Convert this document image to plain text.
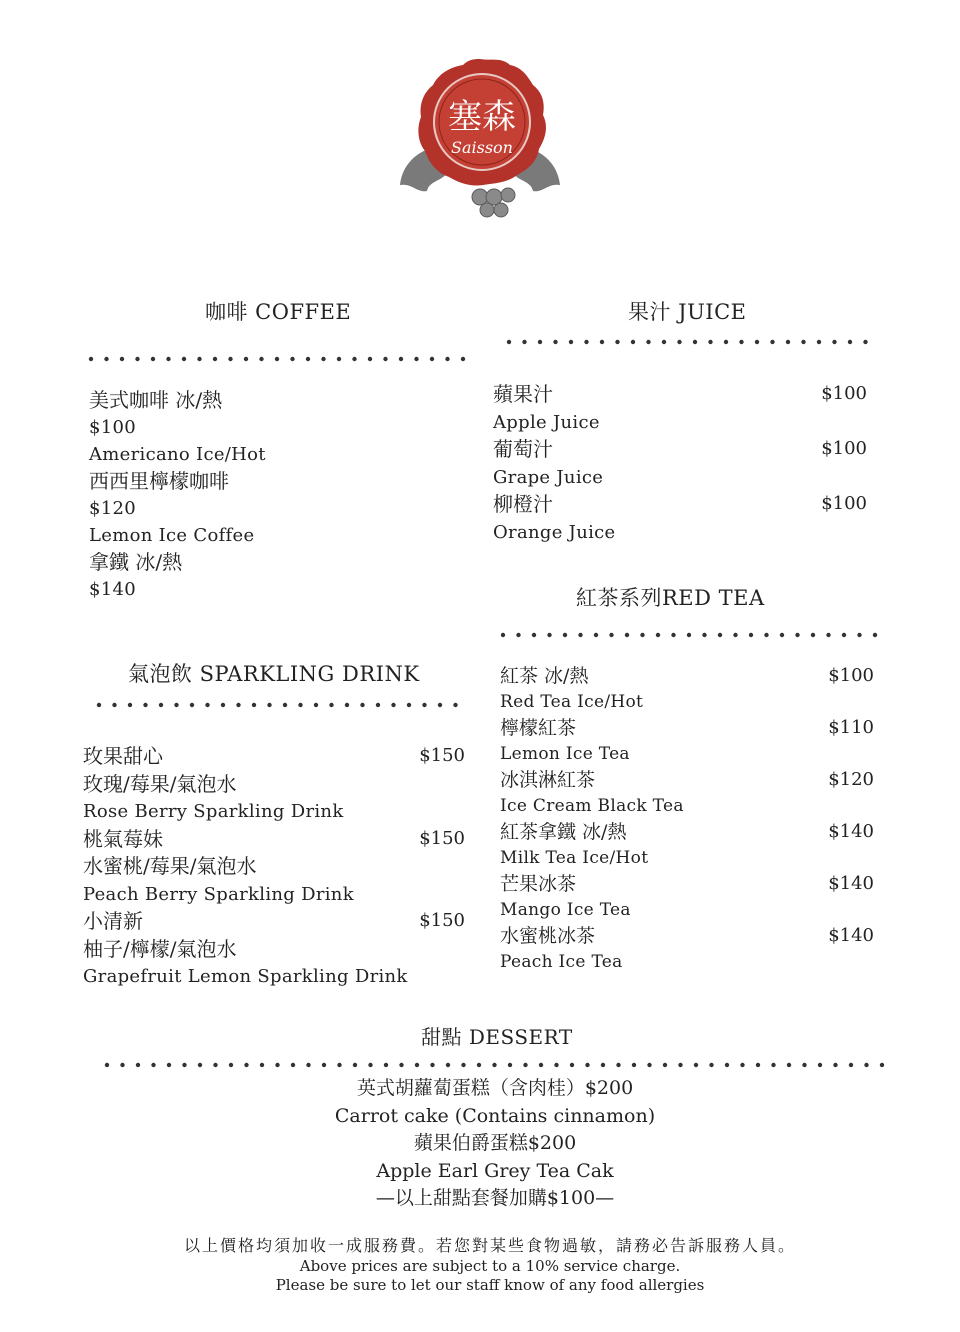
塞森
Saisson
咖啡 COFFEE
美式咖啡 冰/熱
$100
Americano Ice/Hot
西西里檸檬咖啡
$120
Lemon Ice Coffee
拿鐵 冰/熱
$140
果汁 JUICE
蘋果汁	$100
Apple Juice
葡萄汁	$100
Grape Juice
柳橙汁	$100
Orange Juice
紅茶系列RED TEA
紅茶 冰/熱	$100
Red Tea Ice/Hot
檸檬紅茶	$110
Lemon Ice Tea
冰淇淋紅茶	$120
Ice Cream Black Tea
紅茶拿鐵 冰/熱	$140
Milk Tea Ice/Hot
芒果冰茶	$140
Mango Ice Tea
水蜜桃冰茶	$140
Peach Ice Tea
氣泡飲 SPARKLING DRINK
玫果甜心	$150
玫瑰/莓果/氣泡水
Rose Berry Sparkling Drink
桃氣莓妹	$150
水蜜桃/莓果/氣泡水
Peach Berry Sparkling Drink
小清新	$150
柚子/檸檬/氣泡水
Grapefruit Lemon Sparkling Drink
甜點 DESSERT
英式胡蘿蔔蛋糕（含肉桂）$200
Carrot cake (Contains cinnamon)
蘋果伯爵蛋糕$200
Apple Earl Grey Tea Cak
—以上甜點套餐加購$100—
以上價格均須加收一成服務費。若您對某些食物過敏，請務必告訴服務人員。
Above prices are subject to a 10% service charge.
Please be sure to let our staff know of any food allergies
